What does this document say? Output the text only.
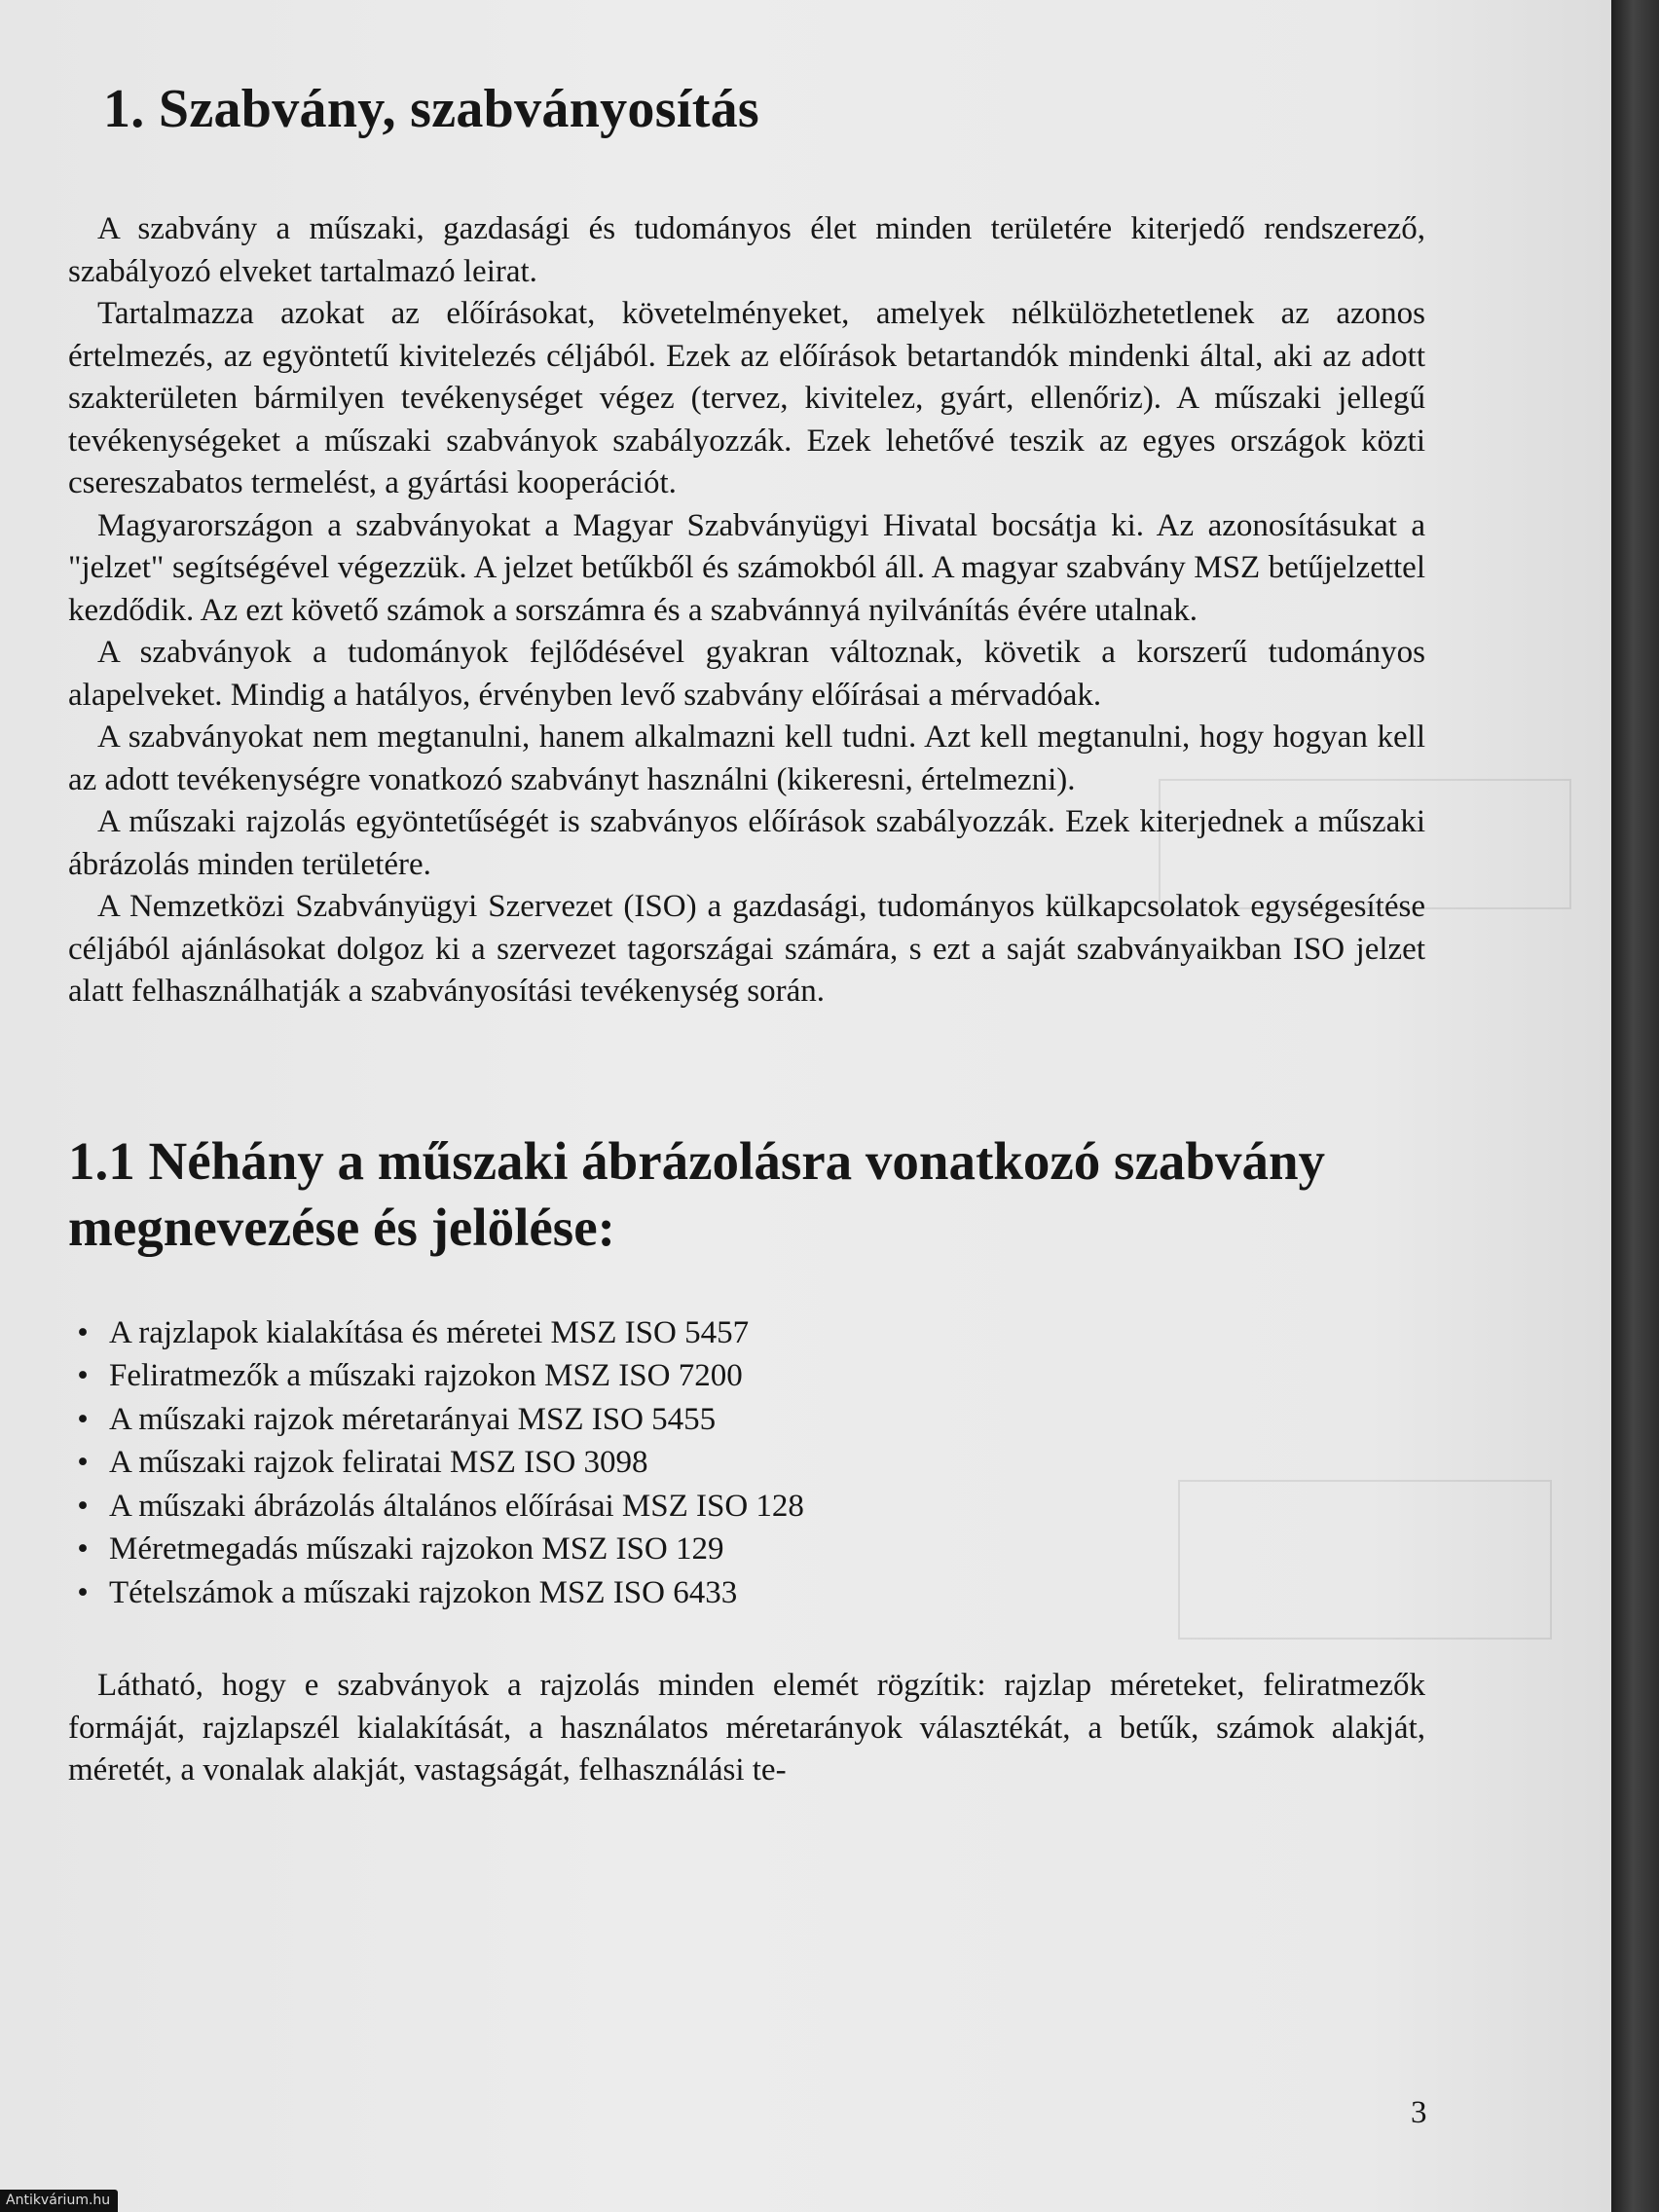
1. Szabvány, szabványosítás

A szabvány a műszaki, gazdasági és tudományos élet minden területére kiterjedő rendszerező, szabályozó elveket tartalmazó leirat.

Tartalmazza azokat az előírásokat, követelményeket, amelyek nélkülözhetetlenek az azonos értelmezés, az egyöntetű kivitelezés céljából. Ezek az előírások betartandók mindenki által, aki az adott szakterületen bármilyen tevékenységet végez (tervez, kivitelez, gyárt, ellenőriz). A műszaki jellegű tevékenységeket a műszaki szabványok szabályozzák. Ezek lehetővé teszik az egyes országok közti csereszabatos termelést, a gyártási kooperációt.

Magyarországon a szabványokat a Magyar Szabványügyi Hivatal bocsátja ki. Az azonosításukat a "jelzet" segítségével végezzük. A jelzet betűkből és számokból áll. A magyar szabvány MSZ betűjelzettel kezdődik. Az ezt követő számok a sorszámra és a szabvánnyá nyilvánítás évére utalnak.

A szabványok a tudományok fejlődésével gyakran változnak, követik a korszerű tudományos alapelveket. Mindig a hatályos, érvényben levő szabvány előírásai a mérvadóak.

A szabványokat nem megtanulni, hanem alkalmazni kell tudni. Azt kell megtanulni, hogy hogyan kell az adott tevékenységre vonatkozó szabványt használni (kikeresni, értelmezni).

A műszaki rajzolás egyöntetűségét is szabványos előírások szabályozzák. Ezek kiterjednek a műszaki ábrázolás minden területére.

A Nemzetközi Szabványügyi Szervezet (ISO) a gazdasági, tudományos külkapcsolatok egységesítése céljából ajánlásokat dolgoz ki a szervezet tagországai számára, s ezt a saját szabványaikban ISO jelzet alatt felhasználhatják a szabványosítási tevékenység során.

1.1 Néhány a műszaki ábrázolásra vonatkozó szabvány megnevezése és jelölése:
• A rajzlapok kialakítása és méretei MSZ ISO 5457
• Feliratmezők a műszaki rajzokon MSZ ISO 7200
• A műszaki rajzok méretarányai MSZ ISO 5455
• A műszaki rajzok feliratai MSZ ISO 3098
• A műszaki ábrázolás általános előírásai MSZ ISO 128
• Méretmegadás műszaki rajzokon MSZ ISO 129
• Tételszámok a műszaki rajzokon MSZ ISO 6433

Látható, hogy e szabványok a rajzolás minden elemét rögzítik: rajzlap méreteket, feliratmezők formáját, rajzlapszél kialakítását, a használatos méretarányok választékát, a betűk, számok alakját, méretét, a vonalak alakját, vastagságát, felhasználási te-

3
Antikvárium.hu
